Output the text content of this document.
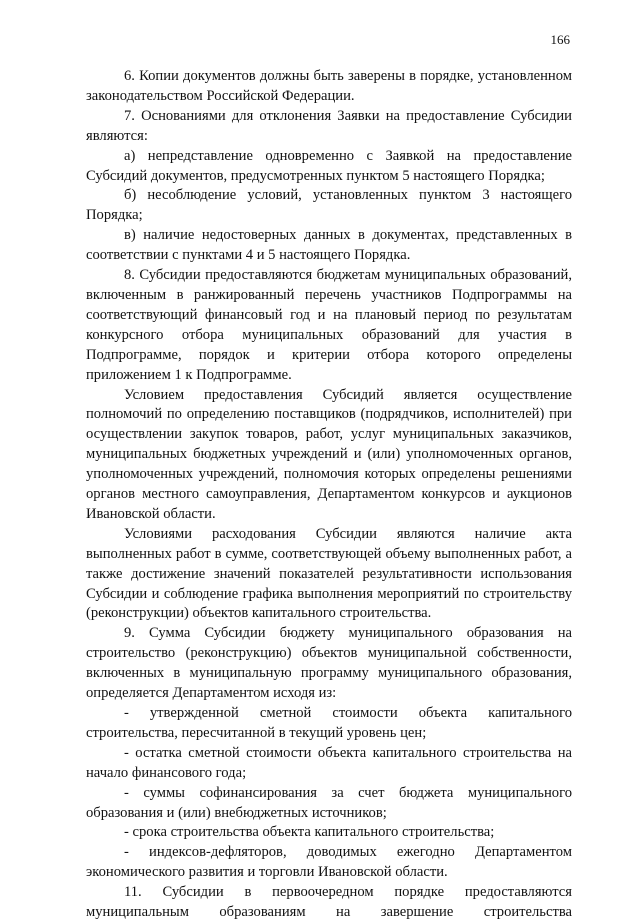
166

6. Копии документов должны быть заверены в порядке, установленном законодательством Российской Федерации.

7. Основаниями для отклонения Заявки на предоставление Субсидии являются:

а) непредставление одновременно с Заявкой на предоставление Субсидий документов, предусмотренных пунктом 5 настоящего Порядка;

б) несоблюдение условий, установленных пунктом 3 настоящего Порядка;

в) наличие недостоверных данных в документах, представленных в соответствии с пунктами 4 и 5 настоящего Порядка.

8. Субсидии предоставляются бюджетам муниципальных образований, включенным в ранжированный перечень участников Подпрограммы на соответствующий финансовый год и на плановый период по результатам конкурсного отбора муниципальных образований для участия в Подпрограмме, порядок и критерии отбора которого определены приложением 1 к Подпрограмме.

Условием предоставления Субсидий является осуществление полномочий по определению поставщиков (подрядчиков, исполнителей) при осуществлении закупок товаров, работ, услуг муниципальных заказчиков, муниципальных бюджетных учреждений и (или) уполномоченных органов, уполномоченных учреждений, полномочия которых определены решениями органов местного самоуправления, Департаментом конкурсов и аукционов Ивановской области.

Условиями расходования Субсидии являются наличие акта выполненных работ в сумме, соответствующей объему выполненных работ, а также достижение значений показателей результативности использования Субсидии и соблюдение графика выполнения мероприятий по строительству (реконструкции) объектов капитального строительства.

9. Сумма Субсидии бюджету муниципального образования на строительство (реконструкцию) объектов муниципальной собственности, включенных в муниципальную программу муниципального образования, определяется Департаментом исходя из:

- утвержденной сметной стоимости объекта капитального строительства, пересчитанной в текущий уровень цен;

- остатка сметной стоимости объекта капитального строительства на начало финансового года;

- суммы софинансирования за счет бюджета муниципального образования и (или) внебюджетных источников;

- срока строительства объекта капитального строительства;

- индексов-дефляторов, доводимых ежегодно Департаментом экономического развития и торговли Ивановской области.

11. Субсидии в первоочередном порядке предоставляются муниципальным образованиям на завершение строительства
